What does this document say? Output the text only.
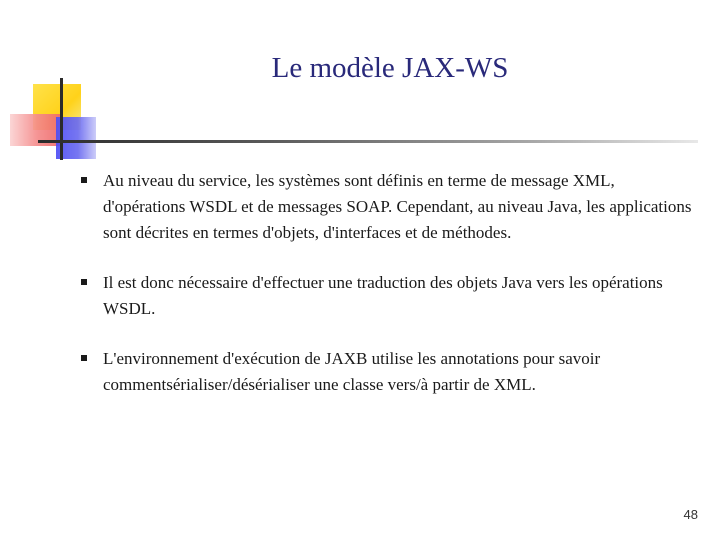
Le modèle JAX-WS
Au niveau du service, les systèmes sont définis en terme de message XML, d'opérations WSDL et de messages SOAP. Cependant, au niveau Java, les applications sont décrites en termes d'objets, d'interfaces et de méthodes.
Il est donc nécessaire d'effectuer une traduction des objets Java vers les opérations WSDL.
L'environnement d'exécution de JAXB utilise les annotations pour savoir commentsérialiser/désérialiser une classe vers/à partir de XML.
48
